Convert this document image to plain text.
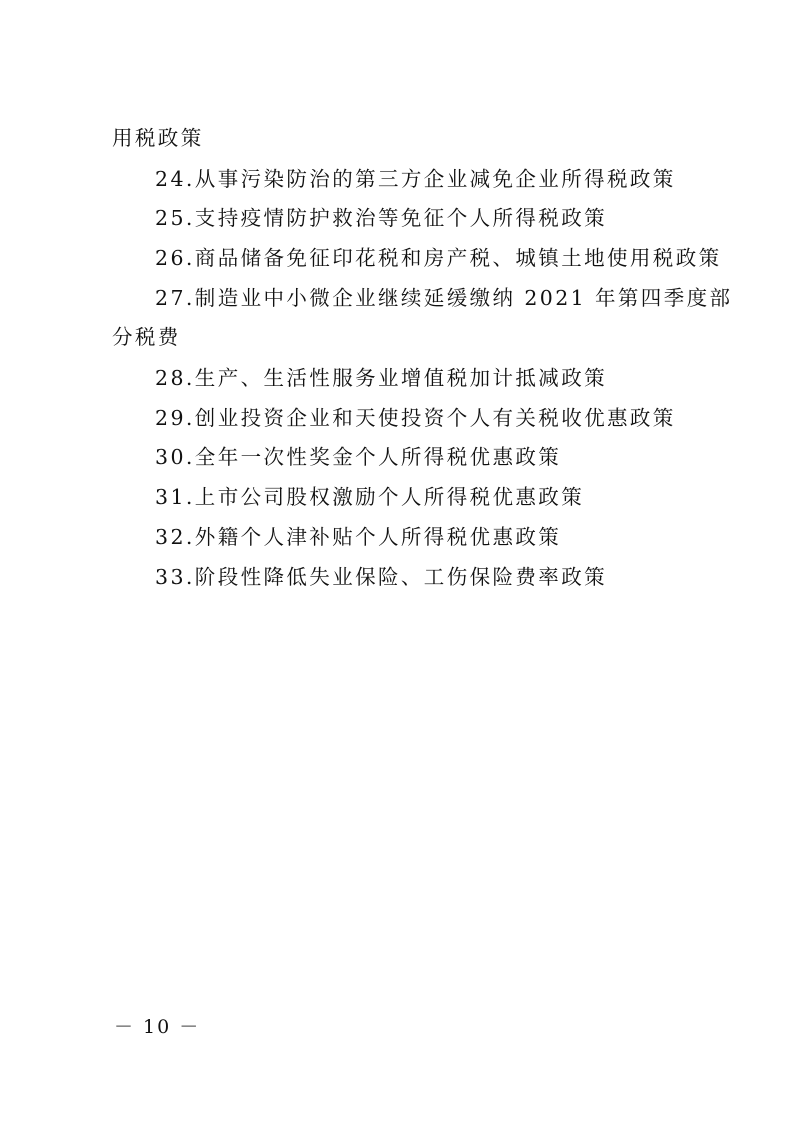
用税政策
24.从事污染防治的第三方企业减免企业所得税政策
25.支持疫情防护救治等免征个人所得税政策
26.商品储备免征印花税和房产税、城镇土地使用税政策
27.制造业中小微企业继续延缓缴纳 2021 年第四季度部
分税费
28.生产、生活性服务业增值税加计抵减政策
29.创业投资企业和天使投资个人有关税收优惠政策
30.全年一次性奖金个人所得税优惠政策
31.上市公司股权激励个人所得税优惠政策
32.外籍个人津补贴个人所得税优惠政策
33.阶段性降低失业保险、工伤保险费率政策
－ 10 －
